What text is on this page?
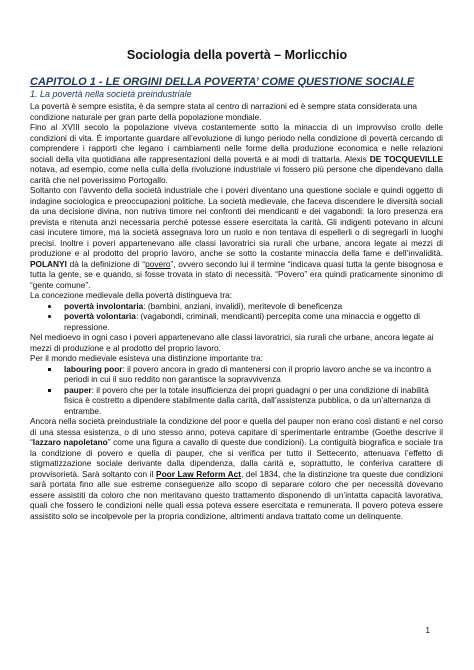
Sociologia della povertà – Morlicchio
CAPITOLO 1 - LE ORGINI DELLA POVERTA’ COME QUESTIONE SOCIALE
1. La povertà nella società preindustriale

La povertà è sempre esistita, è da sempre stata al centro di narrazioni ed è sempre stata considerata una condizione naturale per gran parte della popolazione mondiale.

Fino al XVIII secolo la popolazione viveva costantemente sotto la minaccia di un improvviso crollo delle condizioni di vita. È importante guardare all’evoluzione di lungo periodo nella condizione di povertà cercando di comprendere i rapporti che legano i cambiamenti nelle forme della produzione economica e nelle relazioni sociali della vita quotidiana alle rappresentazioni della povertà e ai modi di trattarla. Alexis DE TOCQUEVILLE notava, ad esempio, come nella culla della rivoluzione industriale vi fossero più persone che dipendevano dalla carità che nel poverissimo Portogallo.

Soltanto con l’avvento della società industriale che i poveri diventano una questione sociale e quindi oggetto di indagine sociologica e preoccupazioni politiche. La società medievale, che faceva discendere le diversità sociali da una decisione divina, non nutriva timore nei confronti dei mendicanti e dei vagabondi: la loro presenza era prevista e ritenuta anzi necessaria perché potesse essere esercitata la carità. Gli indigenti potevano in alcuni casi incutere timore, ma la società assegnava loro un ruolo e non tentava di espellerli o di segregarli in luoghi precisi. Inoltre i poveri appartenevano alle classi lavoratrici sia rurali che urbane, ancora legate ai mezzi di produzione e al prodotto del proprio lavoro, anche se sotto la costante minaccia della fame e dell’invalidità. POLANYI dà la definizione di “povero”, ovvero secondo lui il termine “indicava quasi tutta la gente bisognosa e tutta la gente, se e quando, si fosse trovata in stato di necessità. “Povero” era quindi praticamente sinonimo di “gente comune”.

La concezione medievale della povertà distingueva tra:

• povertà involontaria: (bambini, anziani, invalidi), meritevole di beneficenza
• povertà volontaria: (vagabondi, criminali, mendicanti) percepita come una minaccia e oggetto di repressione.

Nel medioevo in ogni caso i poveri appartenevano alle classi lavoratrici, sia rurali che urbane, ancora legate ai mezzi di produzione e al prodotto del proprio lavoro.

Per il mondo medievale esisteva una distinzione importante tra:

▪ labouring poor: il povero ancora in grado di mantenersi con il proprio lavoro anche se va incontro a periodi in cui il suo reddito non garantisce la sopravvivenza
▪ pauper: il povero che per la totale insufficienza dei propri guadagni o per una condizione di inabilità fisica è costretto a dipendere stabilmente dalla carità, dall’assistenza pubblica, o da un’alternanza di entrambe.

Ancora nella società preindustriale la condizione del poor e quella del pauper non erano così distanti e nel corso di una stessa esistenza, o di uno stesso anno, poteva capitare di sperimentarle entrambe (Goethe descrive il “lazzaro napoletano” come una figura a cavallo di queste due condizioni). La contiguità biografica e sociale tra la condizione di povero e quella di pauper, che si verifica per tutto il Settecento, attenuava l’effetto di stigmatizzazione sociale derivante dalla dipendenza, dalla carità e, soprattutto, le conferiva carattere di provvisorietà. Sarà soltanto con il Poor Law Reform Act, del 1834, che la distinzione tra queste due condizioni sarà portata fino alle sue estreme conseguenze allo scopo di separare coloro che per necessità dovevano essere assistiti da coloro che non meritavano questo trattamento disponendo di un’intatta capacità lavorativa, quali che fossero le condizioni nelle quali essa poteva essere esercitata e remunerata. Il povero poteva essere assistito solo se incolpevole per la propria condizione, altrimenti andava trattato come un delinquente.

1
